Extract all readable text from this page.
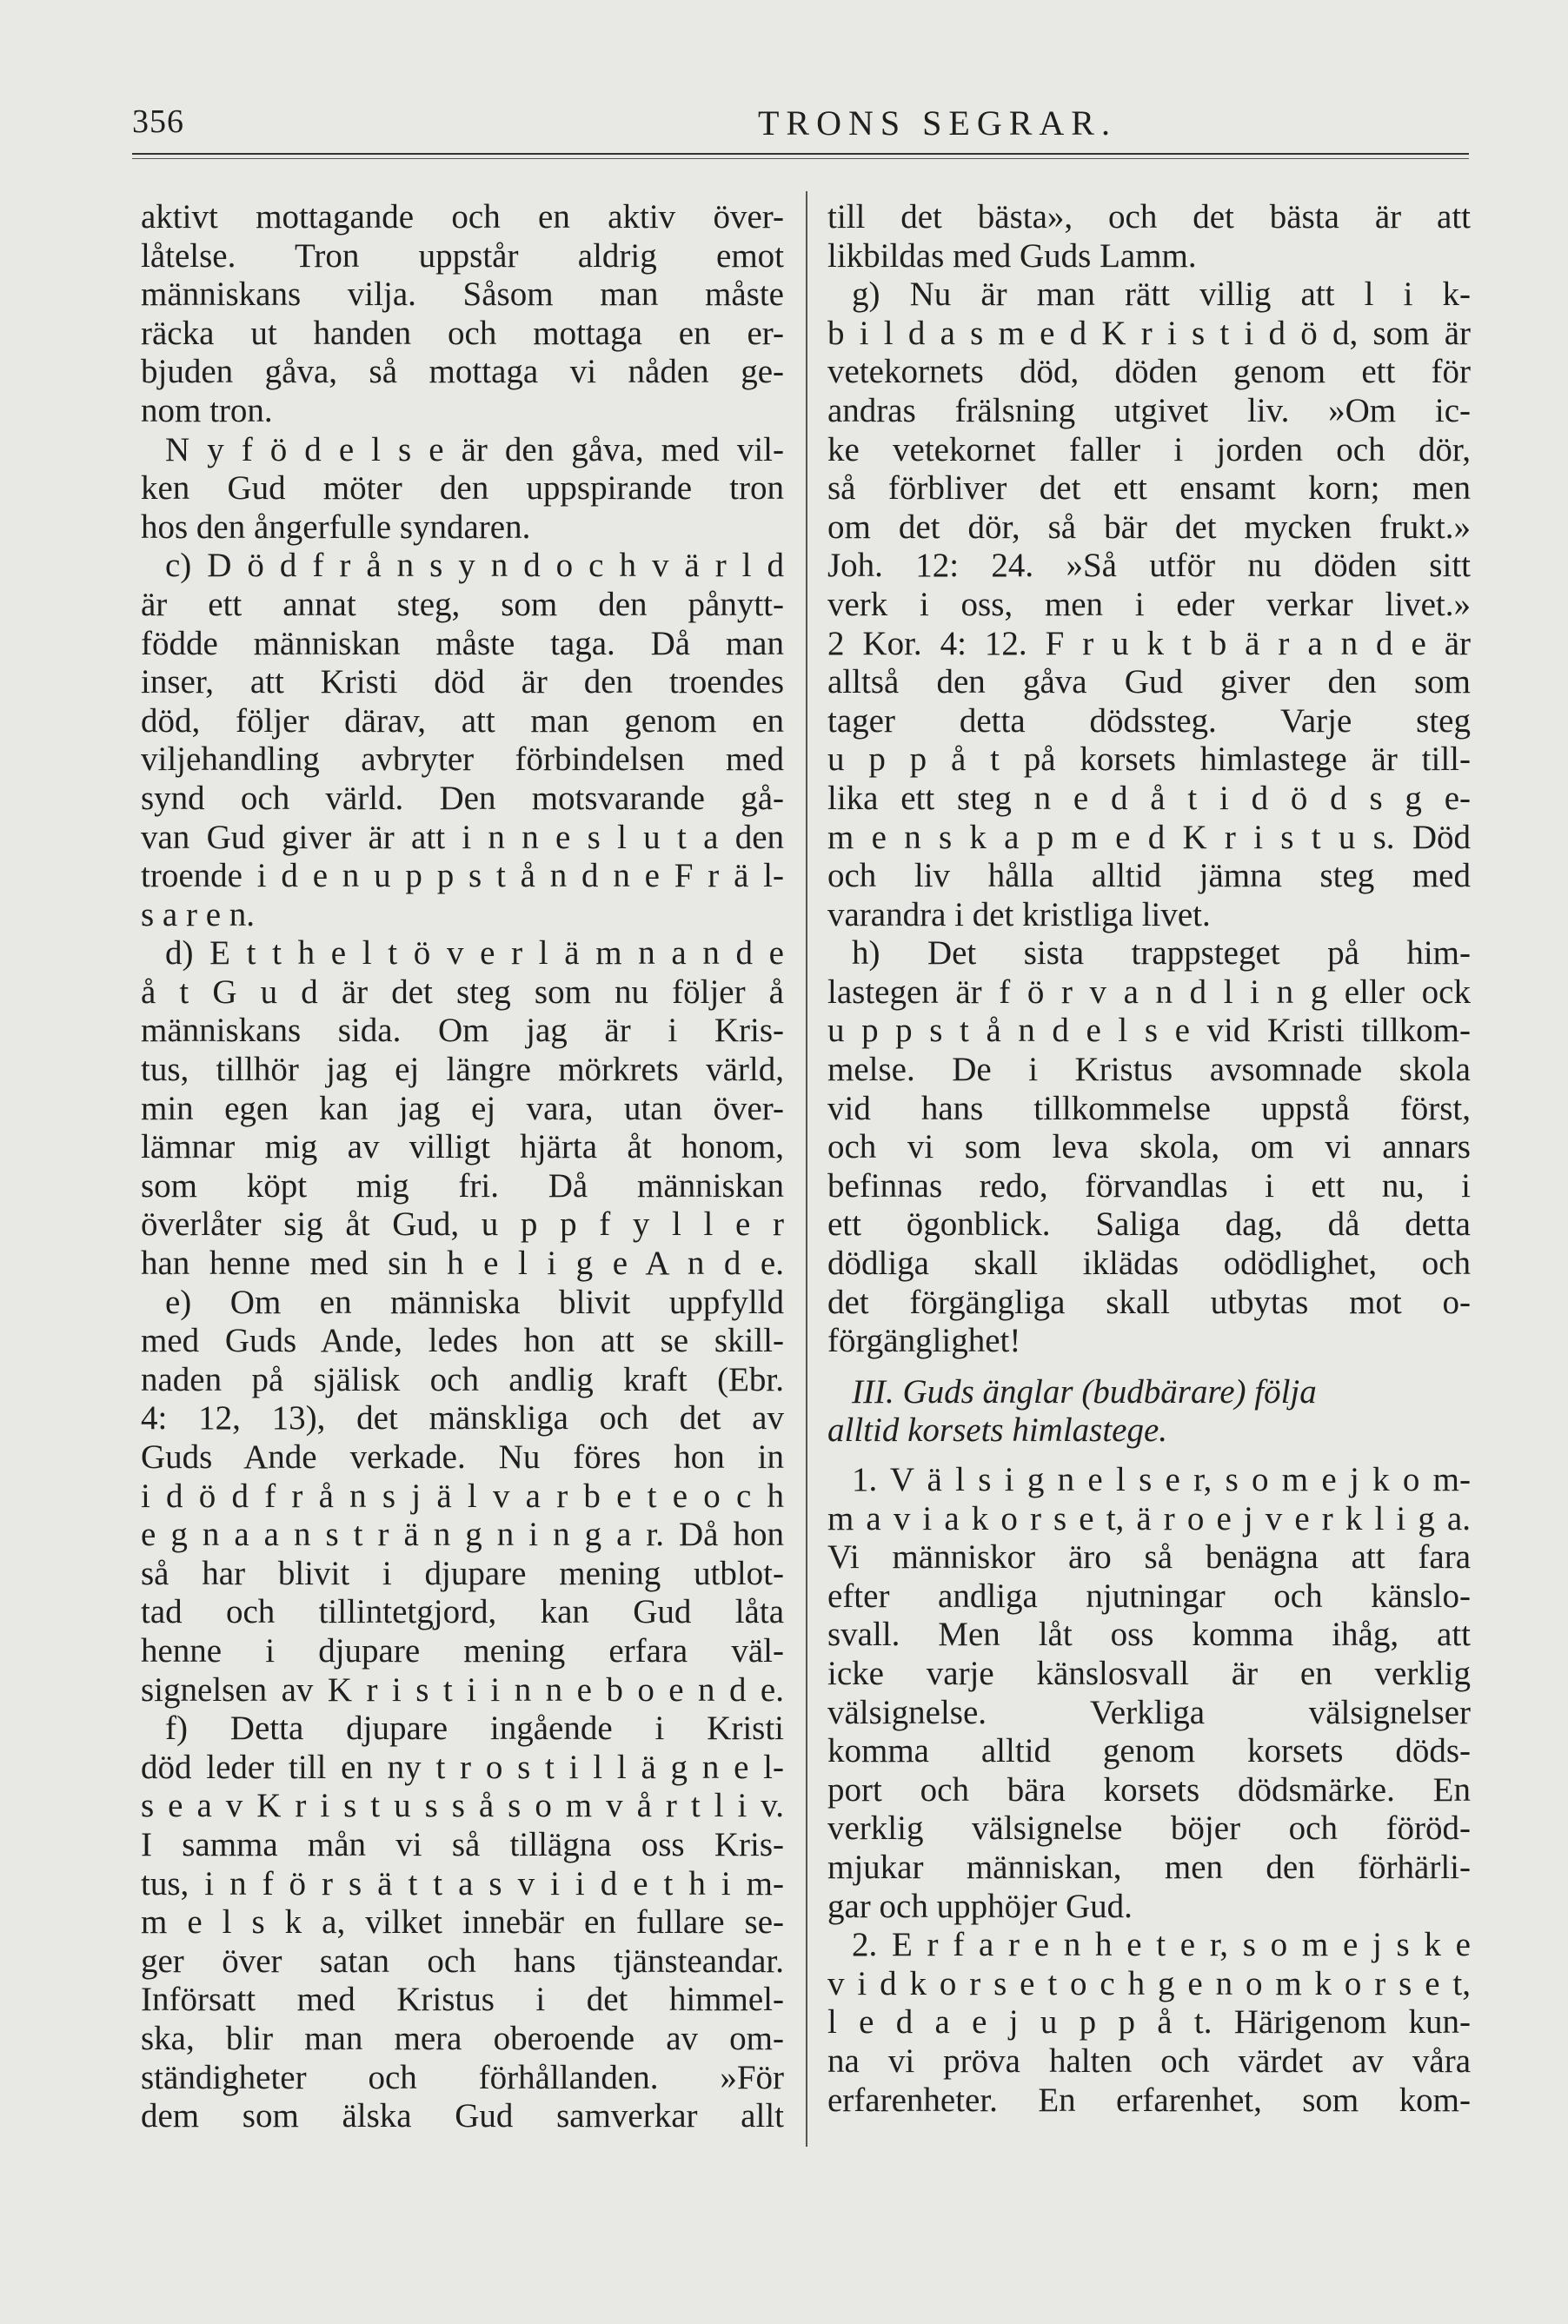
356	TRONS SEGRAR.
aktivt mottagande och en aktiv över-
låtelse. Tron uppstår aldrig emot
människans vilja. Såsom man måste
räcka ut handen och mottaga en er-
bjuden gåva, så mottaga vi nåden ge-
nom tron.
N y f ö d e l s e är den gåva, med vil-
ken Gud möter den uppspirande tron
hos den ångerfulle syndaren.
c) D ö d f r å n s y n d o c h v ä r l d
är ett annat steg, som den pånytt-
födde människan måste taga. Då man
inser, att Kristi död är den troendes
död, följer därav, att man genom en
viljehandling avbryter förbindelsen med
synd och värld. Den motsvarande gå-
van Gud giver är att i n n e s l u t a den
troende i d e n u p p s t å n d n e F r ä l-
s a r e n.
d) E t t h e l t ö v e r l ä m n a n d e
å t G u d är det steg som nu följer å
människans sida. Om jag är i Kris-
tus, tillhör jag ej längre mörkrets värld,
min egen kan jag ej vara, utan över-
lämnar mig av villigt hjärta åt honom,
som köpt mig fri. Då människan
överlåter sig åt Gud, u p p f y l l e r
han henne med sin h e l i g e A n d e.
e) Om en människa blivit uppfylld
med Guds Ande, ledes hon att se skill-
naden på själisk och andlig kraft (Ebr.
4: 12, 13), det mänskliga och det av
Guds Ande verkade. Nu föres hon in
i d ö d f r å n s j ä l v a r b e t e o c h
e g n a a n s t r ä n g n i n g a r. Då hon
så har blivit i djupare mening utblot-
tad och tillintetgjord, kan Gud låta
henne i djupare mening erfara väl-
signelsen av K r i s t i i n n e b o e n d e.
f) Detta djupare ingående i Kristi
död leder till en ny t r o s t i l l ä g n e l-
s e a v K r i s t u s s å s o m v å r t l i v.
I samma mån vi så tillägna oss Kris-
tus, i n f ö r s ä t t a s v i i d e t h i m-
m e l s k a, vilket innebär en fullare se-
ger över satan och hans tjänsteandar.
Införsatt med Kristus i det himmel-
ska, blir man mera oberoende av om-
ständigheter och förhållanden. »För
dem som älska Gud samverkar allt
till det bästa», och det bästa är att
likbildas med Guds Lamm.
g) Nu är man rätt villig att l i k-
b i l d a s m e d K r i s t i d ö d, som är
vetekornets död, döden genom ett för
andras frälsning utgivet liv. »Om ic-
ke vetekornet faller i jorden och dör,
så förbliver det ett ensamt korn; men
om det dör, så bär det mycken frukt.»
Joh. 12: 24. »Så utför nu döden sitt
verk i oss, men i eder verkar livet.»
2 Kor. 4: 12. F r u k t b ä r a n d e är
alltså den gåva Gud giver den som
tager detta dödssteg. Varje steg
u p p å t på korsets himlastege är till-
lika ett steg n e d å t i d ö d s g e-
m e n s k a p m e d K r i s t u s. Död
och liv hålla alltid jämna steg med
varandra i det kristliga livet.
h) Det sista trappsteget på him-
lastegen är f ö r v a n d l i n g eller ock
u p p s t å n d e l s e vid Kristi tillkom-
melse. De i Kristus avsomnade skola
vid hans tillkommelse uppstå först,
och vi som leva skola, om vi annars
befinnas redo, förvandlas i ett nu, i
ett ögonblick. Saliga dag, då detta
dödliga skall iklädas odödlighet, och
det förgängliga skall utbytas mot o-
förgänglighet!
III. Guds änglar (budbärare) följa
alltid korsets himlastege.
1. V ä l s i g n e l s e r, s o m e j k o m-
m a v i a k o r s e t, ä r o e j v e r k l i g a.
Vi människor äro så benägna att fara
efter andliga njutningar och känslo-
svall. Men låt oss komma ihåg, att
icke varje känslosvall är en verklig
välsignelse. Verkliga välsignelser
komma alltid genom korsets döds-
port och bära korsets dödsmärke. En
verklig välsignelse böjer och föröd-
mjukar människan, men den förhärli-
gar och upphöjer Gud.
2. E r f a r e n h e t e r, s o m e j s k e
v i d k o r s e t o c h g e n o m k o r s e t,
l e d a e j u p p å t. Härigenom kun-
na vi pröva halten och värdet av våra
erfarenheter. En erfarenhet, som kom-
